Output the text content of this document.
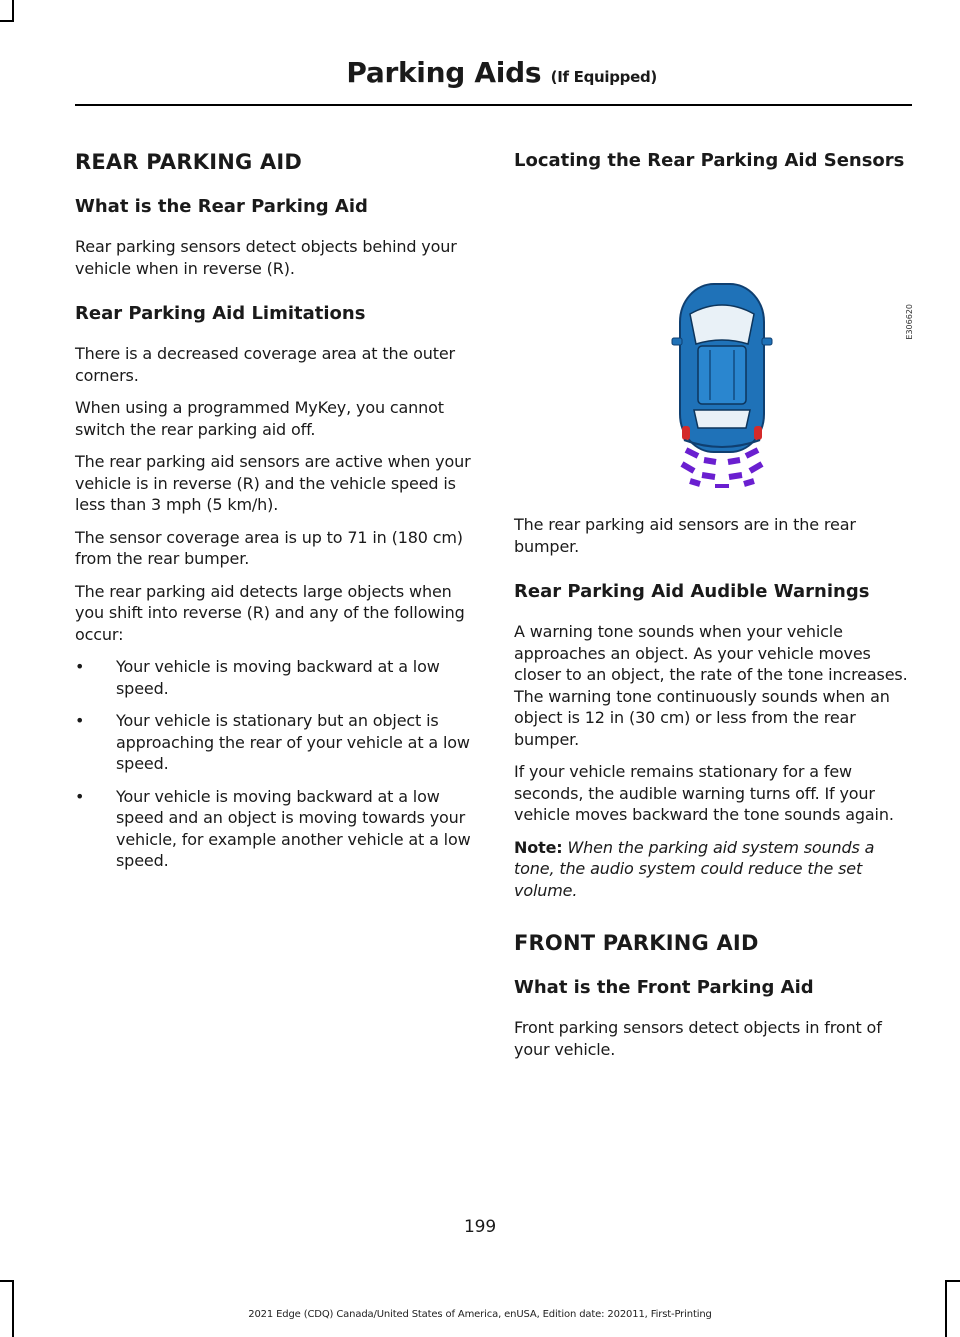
Parking Aids (If Equipped)
REAR PARKING AID
What is the Rear Parking Aid

Rear parking sensors detect objects behind your vehicle when in reverse (R).

Rear Parking Aid Limitations

There is a decreased coverage area at the outer corners.

When using a programmed MyKey, you cannot switch the rear parking aid off.

The rear parking aid sensors are active when your vehicle is in reverse (R) and the vehicle speed is less than 3 mph (5 km/h).

The sensor coverage area is up to 71 in (180 cm) from the rear bumper.

The rear parking aid detects large objects when you shift into reverse (R) and any of the following occur:

• Your vehicle is moving backward at a low speed.
• Your vehicle is stationary but an object is approaching the rear of your vehicle at a low speed.
• Your vehicle is moving backward at a low speed and an object is moving towards your vehicle, for example another vehicle at a low speed.
Locating the Rear Parking Aid Sensors
E306620

The rear parking aid sensors are in the rear bumper.

Rear Parking Aid Audible Warnings

A warning tone sounds when your vehicle approaches an object. As your vehicle moves closer to an object, the rate of the tone increases. The warning tone continuously sounds when an object is 12 in (30 cm) or less from the rear bumper.

If your vehicle remains stationary for a few seconds, the audible warning turns off. If your vehicle moves backward the tone sounds again.

Note: When the parking aid system sounds a tone, the audio system could reduce the set volume.

FRONT PARKING AID
What is the Front Parking Aid

Front parking sensors detect objects in front of your vehicle.

199

2021 Edge (CDQ) Canada/United States of America, enUSA, Edition date: 202011, First-Printing
